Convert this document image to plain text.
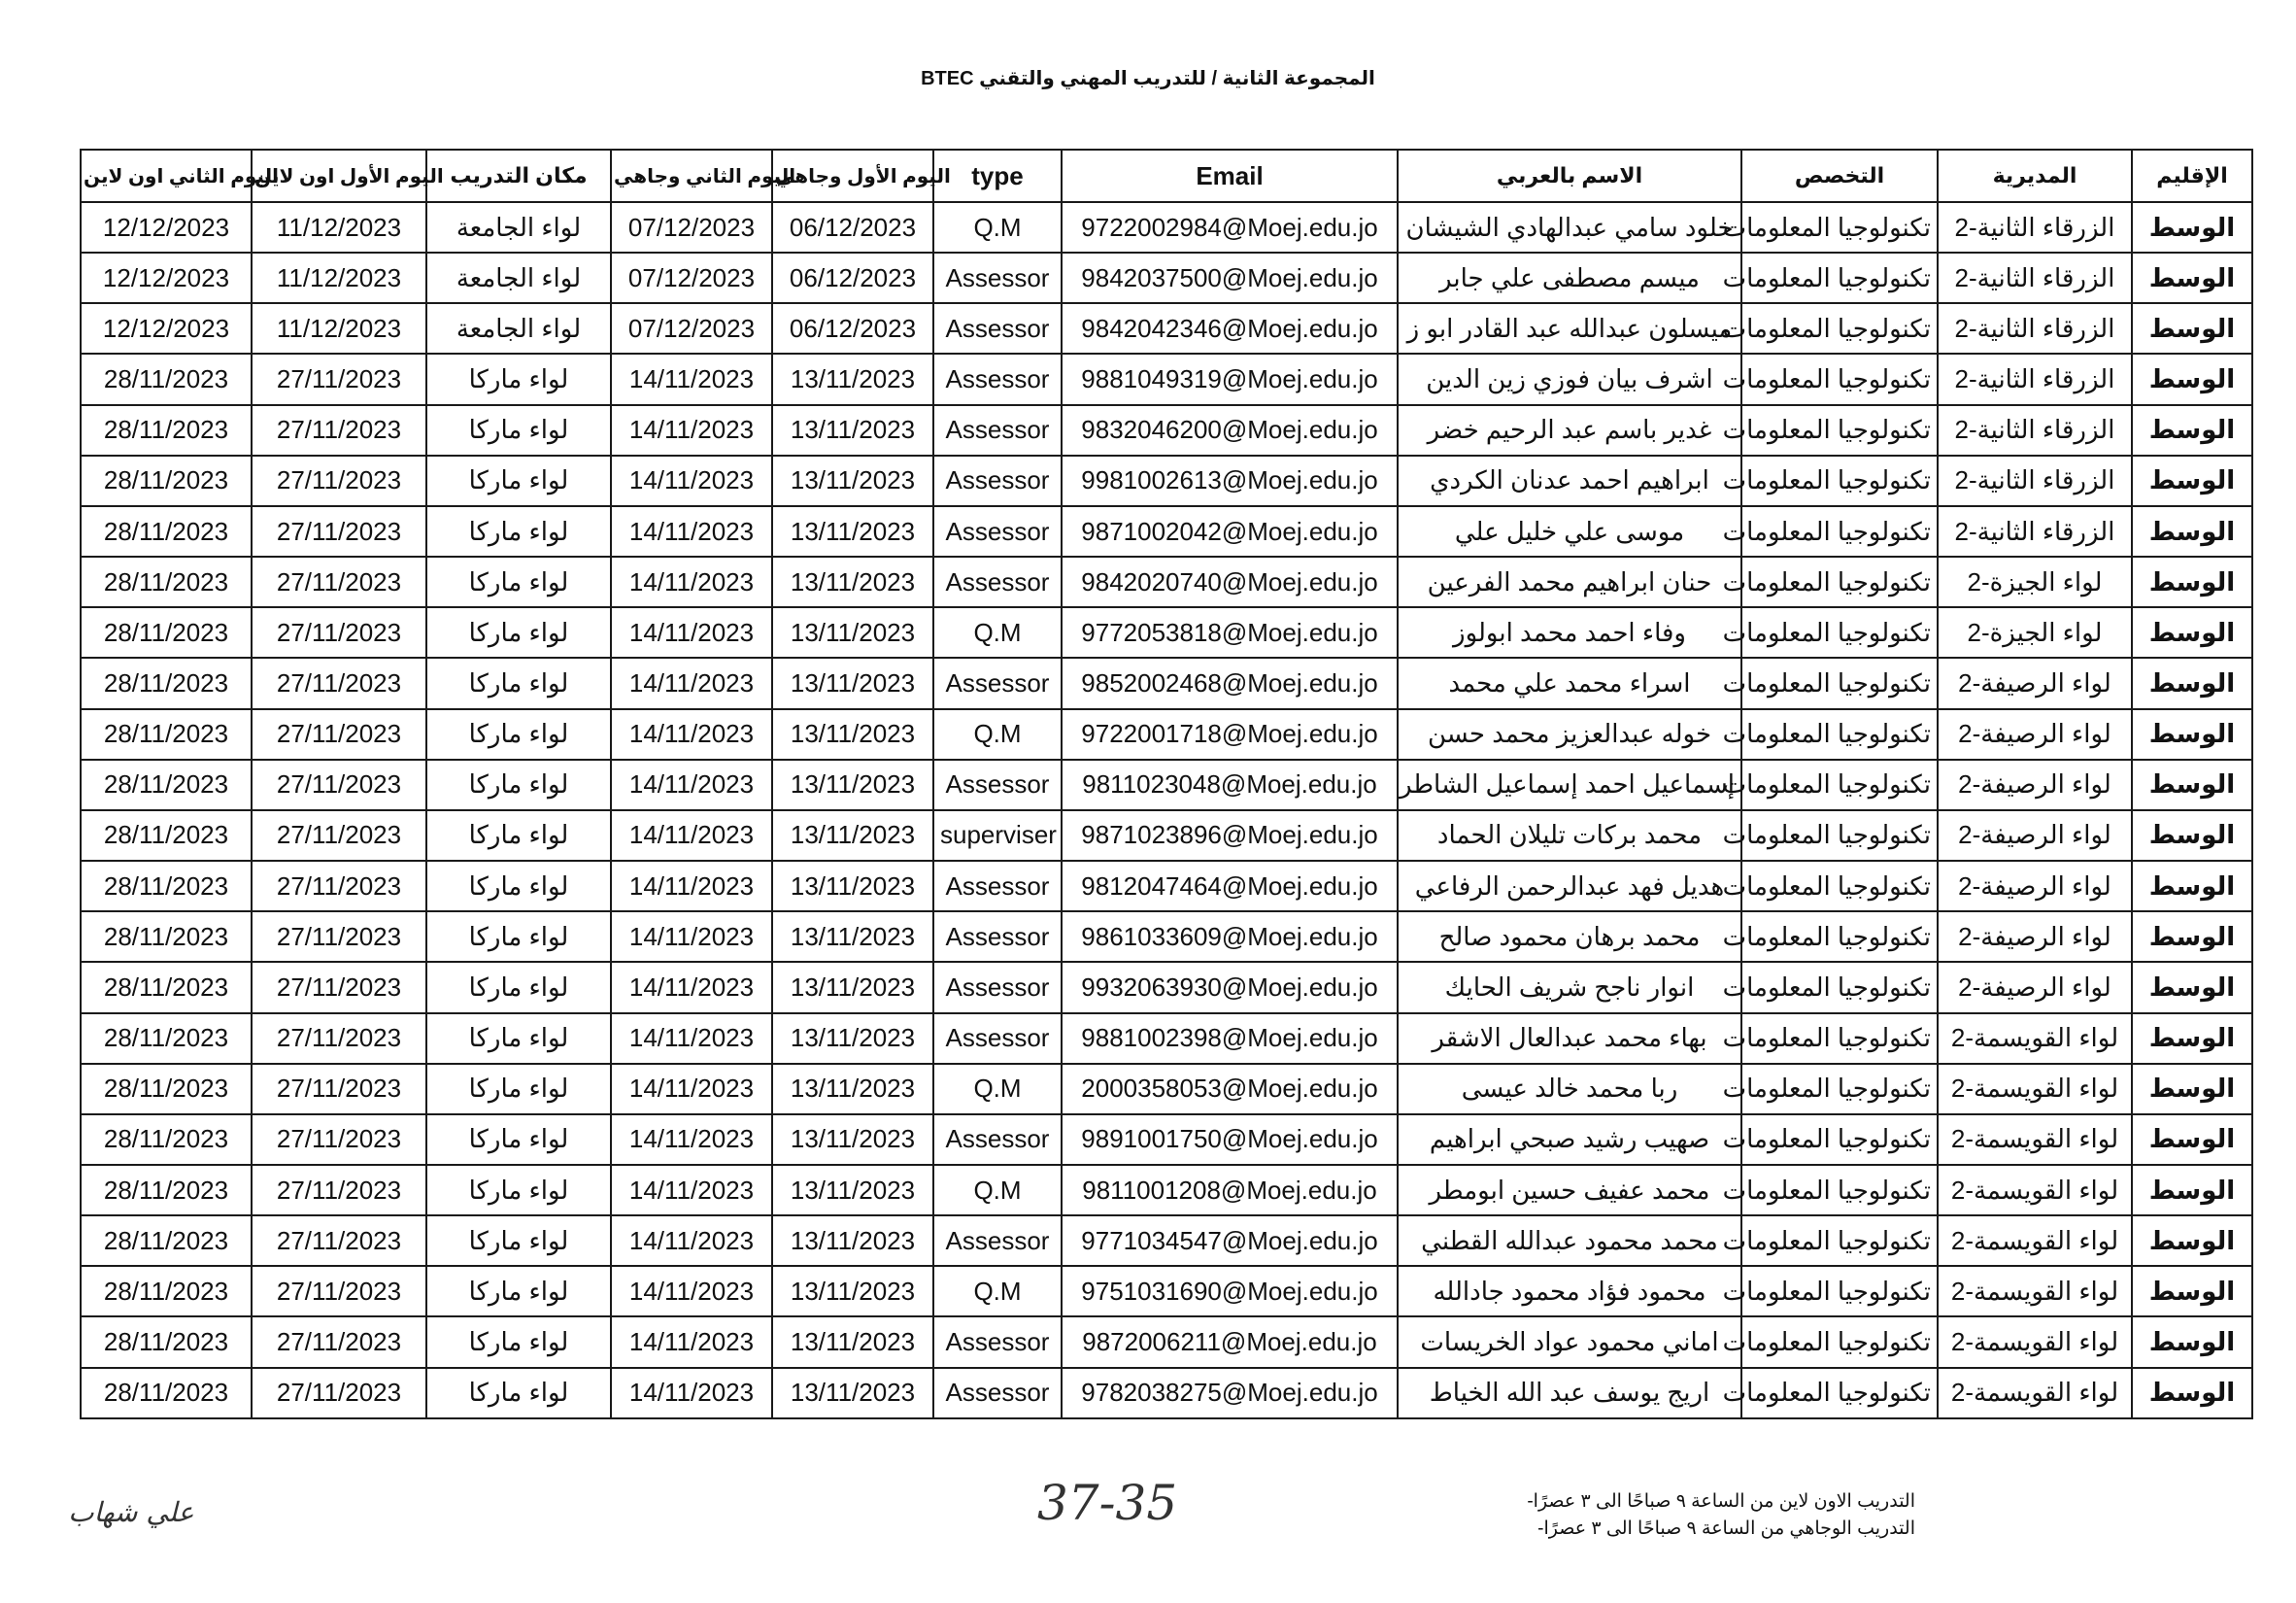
المجموعة الثانية / للتدريب المهني والتقني BTEC
اليوم الثاني اون لاين	اليوم الأول اون لاين	مكان التدريب	اليوم الثاني وجاهي	اليوم الأول وجاهي	type	Email	الاسم بالعربي	التخصص	المديرية	الإقليم
12/12/2023	11/12/2023	لواء الجامعة	07/12/2023	06/12/2023	Q.M	9722002984@Moej.edu.jo	خلود سامي عبدالهادي الشيشان	تكنولوجيا المعلومات	الزرقاء الثانية-2	الوسط
12/12/2023	11/12/2023	لواء الجامعة	07/12/2023	06/12/2023	Assessor	9842037500@Moej.edu.jo	ميسم مصطفى علي جابر	تكنولوجيا المعلومات	الزرقاء الثانية-2	الوسط
12/12/2023	11/12/2023	لواء الجامعة	07/12/2023	06/12/2023	Assessor	9842042346@Moej.edu.jo	ميسلون عبدالله عبد القادر ابو ز	تكنولوجيا المعلومات	الزرقاء الثانية-2	الوسط
28/11/2023	27/11/2023	لواء ماركا	14/11/2023	13/11/2023	Assessor	9881049319@Moej.edu.jo	اشرف بيان فوزي زين الدين	تكنولوجيا المعلومات	الزرقاء الثانية-2	الوسط
28/11/2023	27/11/2023	لواء ماركا	14/11/2023	13/11/2023	Assessor	9832046200@Moej.edu.jo	غدير باسم عبد الرحيم خضر	تكنولوجيا المعلومات	الزرقاء الثانية-2	الوسط
28/11/2023	27/11/2023	لواء ماركا	14/11/2023	13/11/2023	Assessor	9981002613@Moej.edu.jo	ابراهيم احمد عدنان الكردي	تكنولوجيا المعلومات	الزرقاء الثانية-2	الوسط
28/11/2023	27/11/2023	لواء ماركا	14/11/2023	13/11/2023	Assessor	9871002042@Moej.edu.jo	موسى علي خليل علي	تكنولوجيا المعلومات	الزرقاء الثانية-2	الوسط
28/11/2023	27/11/2023	لواء ماركا	14/11/2023	13/11/2023	Assessor	9842020740@Moej.edu.jo	حنان ابراهيم محمد الفرعين	تكنولوجيا المعلومات	لواء الجيزة-2	الوسط
28/11/2023	27/11/2023	لواء ماركا	14/11/2023	13/11/2023	Q.M	9772053818@Moej.edu.jo	وفاء احمد محمد ابولوز	تكنولوجيا المعلومات	لواء الجيزة-2	الوسط
28/11/2023	27/11/2023	لواء ماركا	14/11/2023	13/11/2023	Assessor	9852002468@Moej.edu.jo	اسراء محمد علي محمد	تكنولوجيا المعلومات	لواء الرصيفة-2	الوسط
28/11/2023	27/11/2023	لواء ماركا	14/11/2023	13/11/2023	Q.M	9722001718@Moej.edu.jo	خوله عبدالعزيز محمد حسن	تكنولوجيا المعلومات	لواء الرصيفة-2	الوسط
28/11/2023	27/11/2023	لواء ماركا	14/11/2023	13/11/2023	Assessor	9811023048@Moej.edu.jo	إسماعيل احمد إسماعيل الشاطر	تكنولوجيا المعلومات	لواء الرصيفة-2	الوسط
28/11/2023	27/11/2023	لواء ماركا	14/11/2023	13/11/2023	superviser	9871023896@Moej.edu.jo	محمد بركات تليلان الحماد	تكنولوجيا المعلومات	لواء الرصيفة-2	الوسط
28/11/2023	27/11/2023	لواء ماركا	14/11/2023	13/11/2023	Assessor	9812047464@Moej.edu.jo	هديل فهد عبدالرحمن الرفاعي	تكنولوجيا المعلومات	لواء الرصيفة-2	الوسط
28/11/2023	27/11/2023	لواء ماركا	14/11/2023	13/11/2023	Assessor	9861033609@Moej.edu.jo	محمد برهان محمود صالح	تكنولوجيا المعلومات	لواء الرصيفة-2	الوسط
28/11/2023	27/11/2023	لواء ماركا	14/11/2023	13/11/2023	Assessor	9932063930@Moej.edu.jo	انوار ناجح شريف الحايك	تكنولوجيا المعلومات	لواء الرصيفة-2	الوسط
28/11/2023	27/11/2023	لواء ماركا	14/11/2023	13/11/2023	Assessor	9881002398@Moej.edu.jo	بهاء محمد عبدالعال الاشقر	تكنولوجيا المعلومات	لواء القويسمة-2	الوسط
28/11/2023	27/11/2023	لواء ماركا	14/11/2023	13/11/2023	Q.M	2000358053@Moej.edu.jo	ربا محمد خالد عيسى	تكنولوجيا المعلومات	لواء القويسمة-2	الوسط
28/11/2023	27/11/2023	لواء ماركا	14/11/2023	13/11/2023	Assessor	9891001750@Moej.edu.jo	صهيب رشيد صبحي ابراهيم	تكنولوجيا المعلومات	لواء القويسمة-2	الوسط
28/11/2023	27/11/2023	لواء ماركا	14/11/2023	13/11/2023	Q.M	9811001208@Moej.edu.jo	محمد عفيف حسين ابومطر	تكنولوجيا المعلومات	لواء القويسمة-2	الوسط
28/11/2023	27/11/2023	لواء ماركا	14/11/2023	13/11/2023	Assessor	9771034547@Moej.edu.jo	محمد محمود عبدالله القطني	تكنولوجيا المعلومات	لواء القويسمة-2	الوسط
28/11/2023	27/11/2023	لواء ماركا	14/11/2023	13/11/2023	Q.M	9751031690@Moej.edu.jo	محمود فؤاد محمود جادالله	تكنولوجيا المعلومات	لواء القويسمة-2	الوسط
28/11/2023	27/11/2023	لواء ماركا	14/11/2023	13/11/2023	Assessor	9872006211@Moej.edu.jo	اماني محمود عواد الخريسات	تكنولوجيا المعلومات	لواء القويسمة-2	الوسط
28/11/2023	27/11/2023	لواء ماركا	14/11/2023	13/11/2023	Assessor	9782038275@Moej.edu.jo	اريج يوسف عبد الله الخياط	تكنولوجيا المعلومات	لواء القويسمة-2	الوسط
التدريب الاون لاين من الساعة ٩ صباحًا الى ٣ عصرًا-
التدريب الوجاهي من الساعة ٩ صباحًا الى ٣ عصرًا-
37-35
علي شهاب
